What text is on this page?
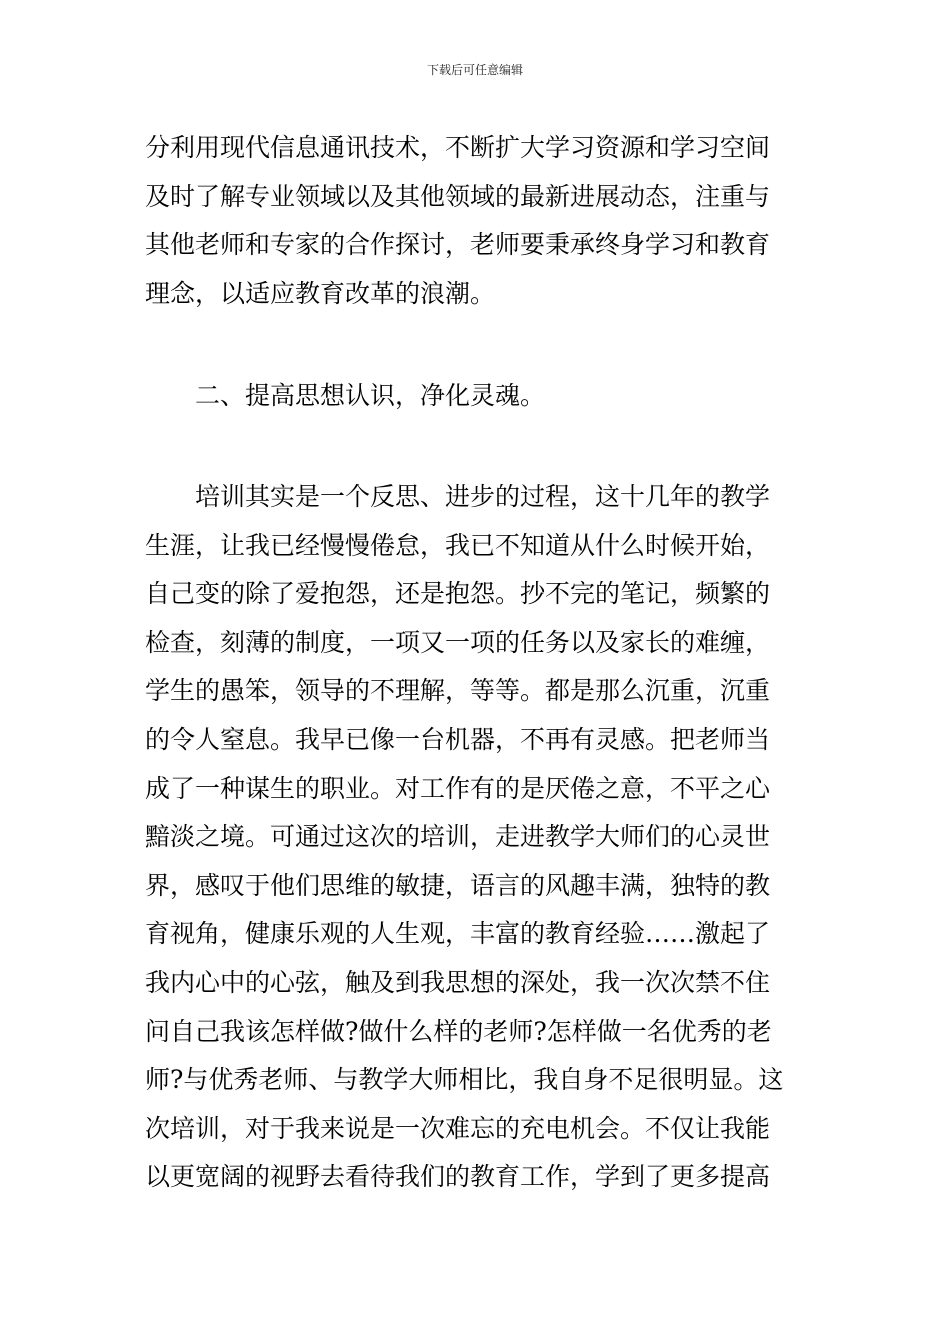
下载后可任意编辑
分利用现代信息通讯技术，不断扩大学习资源和学习空间
及时了解专业领域以及其他领域的最新进展动态，注重与
其他老师和专家的合作探讨，老师要秉承终身学习和教育
理念，以适应教育改革的浪潮。
　　二、提高思想认识，净化灵魂。
　　培训其实是一个反思、进步的过程，这十几年的教学
生涯，让我已经慢慢倦怠，我已不知道从什么时候开始，
自己变的除了爱抱怨，还是抱怨。抄不完的笔记，频繁的
检查，刻薄的制度，一项又一项的任务以及家长的难缠，
学生的愚笨，领导的不理解，等等。都是那么沉重，沉重
的令人窒息。我早已像一台机器，不再有灵感。把老师当
成了一种谋生的职业。对工作有的是厌倦之意，不平之心
黯淡之境。可通过这次的培训，走进教学大师们的心灵世
界，感叹于他们思维的敏捷，语言的风趣丰满，独特的教
育视角，健康乐观的人生观，丰富的教育经验……激起了
我内心中的心弦，触及到我思想的深处，我一次次禁不住
问自己我该怎样做?做什么样的老师?怎样做一名优秀的老
师?与优秀老师、与教学大师相比，我自身不足很明显。这
次培训，对于我来说是一次难忘的充电机会。不仅让我能
以更宽阔的视野去看待我们的教育工作，学到了更多提高
